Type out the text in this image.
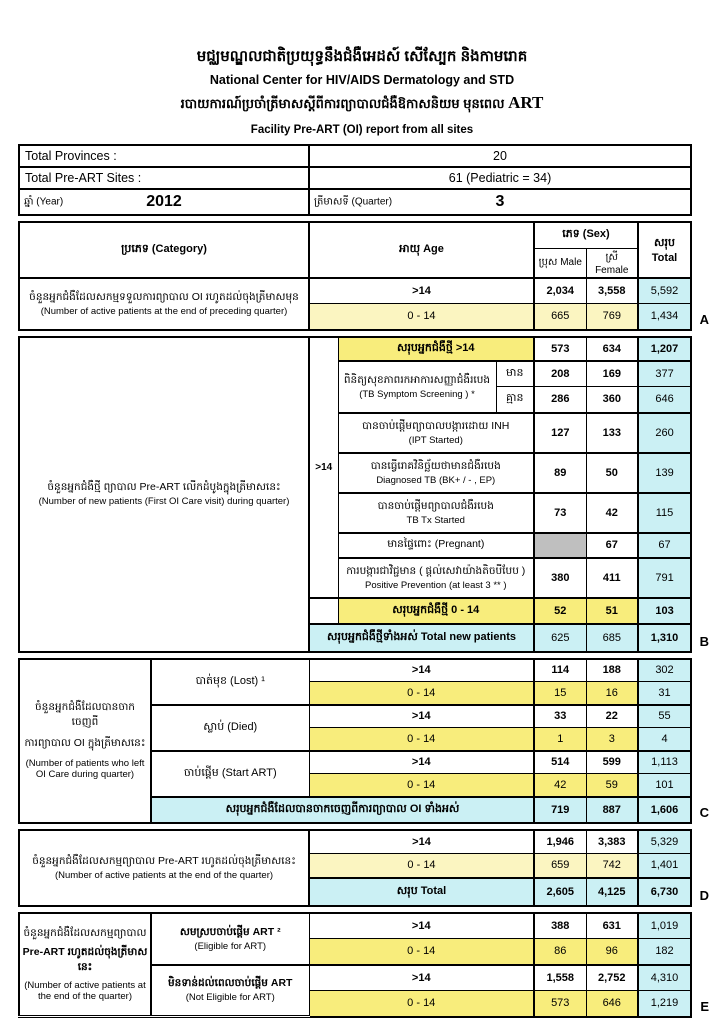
មជ្ឈមណ្ឌលជាតិប្រយុទ្ធនឹងជំងឺអេដស៍ សើស្បែក និងកាមរោគ
National Center for HIV/AIDS Dermatology and STD
របាយការណ៍ប្រចាំត្រីមាសស្តីពីការព្យាបាលជំងឺឱកាសនិយម មុនពេល ART
Facility Pre-ART (OI) report from all sites
Total Provinces :	20
Total Pre-ART Sites :	61 (Pediatric = 34)

ឆ្នាំ (Year) 2012	ត្រីមាសទី (Quarter) 3
ប្រភេទ (Category)	អាយុ Age	ភេទ (Sex)		សរុប Total
		ប្រុស Male	ស្រី Female	

ចំនួនអ្នកជំងឺដែលសកម្មទទួលការព្យាបាល OI រហូតដល់ចុងត្រីមាសមុន
(Number of active patients at the end of preceding quarter)	>14	2,034	3,558	5,592
	0 - 14	665	769	1,434 A
ចំនួនអ្នកជំងឺថ្មី ព្យាបាល Pre-ART លើកដំបូងក្នុងត្រីមាសនេះ
(Number of new patients (First OI Care visit) during quarter)	>14	សរុបអ្នកជំងឺថ្មី >14		573	634	1,207

		ពិនិត្យសុខភាពរកអាការសញ្ញាជំងឺរបេង
(TB Symptom Screening ) *	មាន	208	169	377
			គ្មាន	286	360	646

		បានចាប់ផ្តើមព្យាបាលបង្ការដោយ INH
(IPT Started)		127	133	260

		បានធ្វើរោគវិនិច្ឆ័យថាមានជំងឺរបេង
Diagnosed TB (BK+ / - , EP)		89	50	139

		បានចាប់ផ្តើមព្យាបាលជំងឺរបេង
TB Tx Started		73	42	115

		មានផ្ទៃពោះ (Pregnant)			67	67

		ការបង្ការជាវិជ្ជមាន ( ផ្តល់សេវាយ៉ាងតិចបីបែប )
Positive Prevention (at least 3 ** )		380	411	791
		សរុបអ្នកជំងឺថ្មី 0 - 14		52	51	103
	សរុបអ្នកជំងឺថ្មីទាំងអស់ Total new patients			625	685	1,310 B
ចំនួនអ្នកជំងឺដែលបានចាកចេញពី
ការព្យាបាល OI ក្នុងត្រីមាសនេះ
(Number of patients who left
OI Care during quarter)	បាត់មុខ (Lost) ¹	>14	114	188	302
		0 - 14	15	16	31
	ស្លាប់ (Died)	>14	33	22	55
		0 - 14	1	3	4
	ចាប់ផ្តើម (Start ART)	>14	514	599	1,113
		0 - 14	42	59	101
	សរុបអ្នកជំងឺដែលបានចាកចេញពីការព្យាបាល OI ទាំងអស់		719	887	1,606 C
ចំនួនអ្នកជំងឺដែលសកម្មព្យាបាល Pre-ART រហូតដល់ចុងត្រីមាសនេះ
(Number of active patients at the end of the quarter)	>14	1,946	3,383	5,329
	0 - 14	659	742	1,401
	សរុប Total	2,605	4,125	6,730 D
ចំនួនអ្នកជំងឺដែលសកម្មព្យាបាល
Pre-ART រហូតដល់ចុងត្រីមាសនេះ
(Number of active patients at
the end of the quarter)

សមស្របចាប់ផ្តើម ART ²
(Eligible for ART)
	>14	388	631	1,019
		0 - 14	86	96	182

	មិនទាន់ដល់ពេលចាប់ផ្តើម ART
(Not Eligible for ART)	>14	1,558	2,752	4,310
		0 - 14	573	646	1,219 E
